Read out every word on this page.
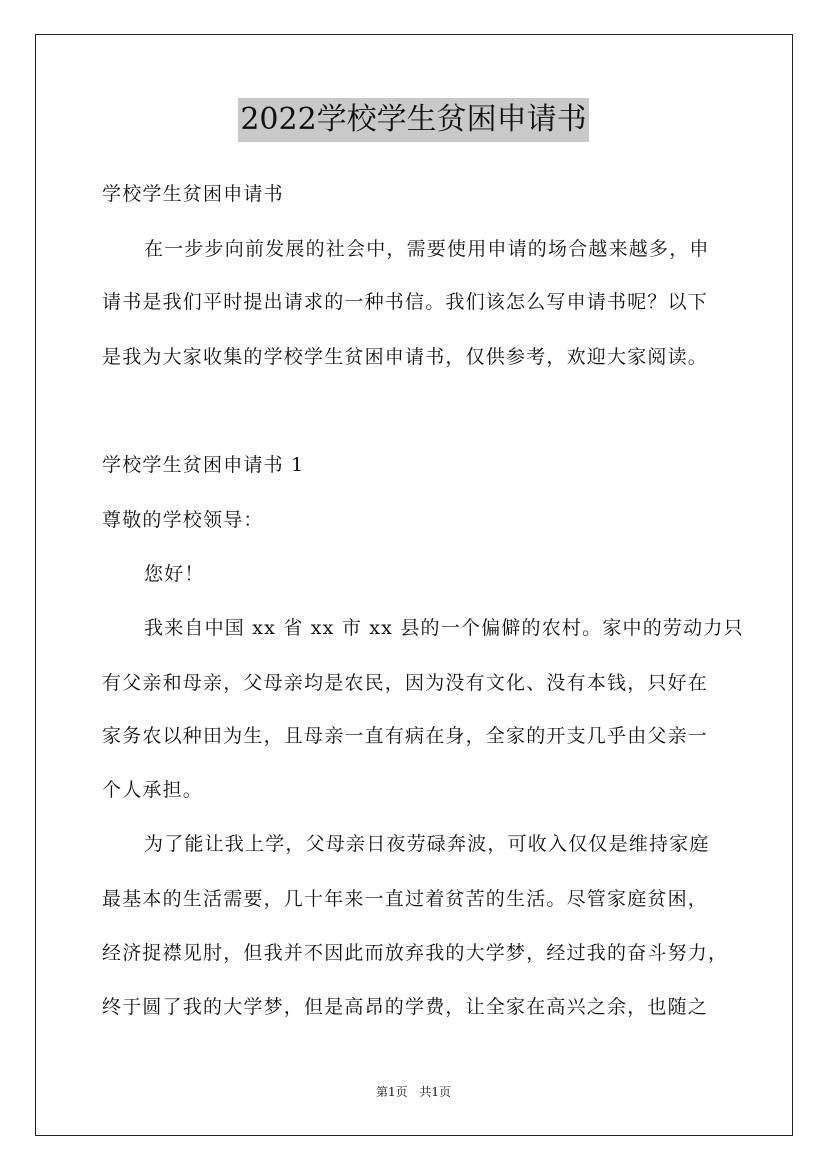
2022学校学生贫困申请书
学校学生贫困申请书
在一步步向前发展的社会中，需要使用申请的场合越来越多，申
请书是我们平时提出请求的一种书信。我们该怎么写申请书呢？以下
是我为大家收集的学校学生贫困申请书，仅供参考，欢迎大家阅读。
学校学生贫困申请书 1
尊敬的学校领导：
您好！
我来自中国 xx 省 xx 市 xx 县的一个偏僻的农村。家中的劳动力只
有父亲和母亲，父母亲均是农民，因为没有文化、没有本钱，只好在
家务农以种田为生，且母亲一直有病在身，全家的开支几乎由父亲一
个人承担。
为了能让我上学，父母亲日夜劳碌奔波，可收入仅仅是维持家庭
最基本的生活需要，几十年来一直过着贫苦的生活。尽管家庭贫困，
经济捉襟见肘，但我并不因此而放弃我的大学梦，经过我的奋斗努力，
终于圆了我的大学梦，但是高昂的学费，让全家在高兴之余，也随之
第1页 共1页
